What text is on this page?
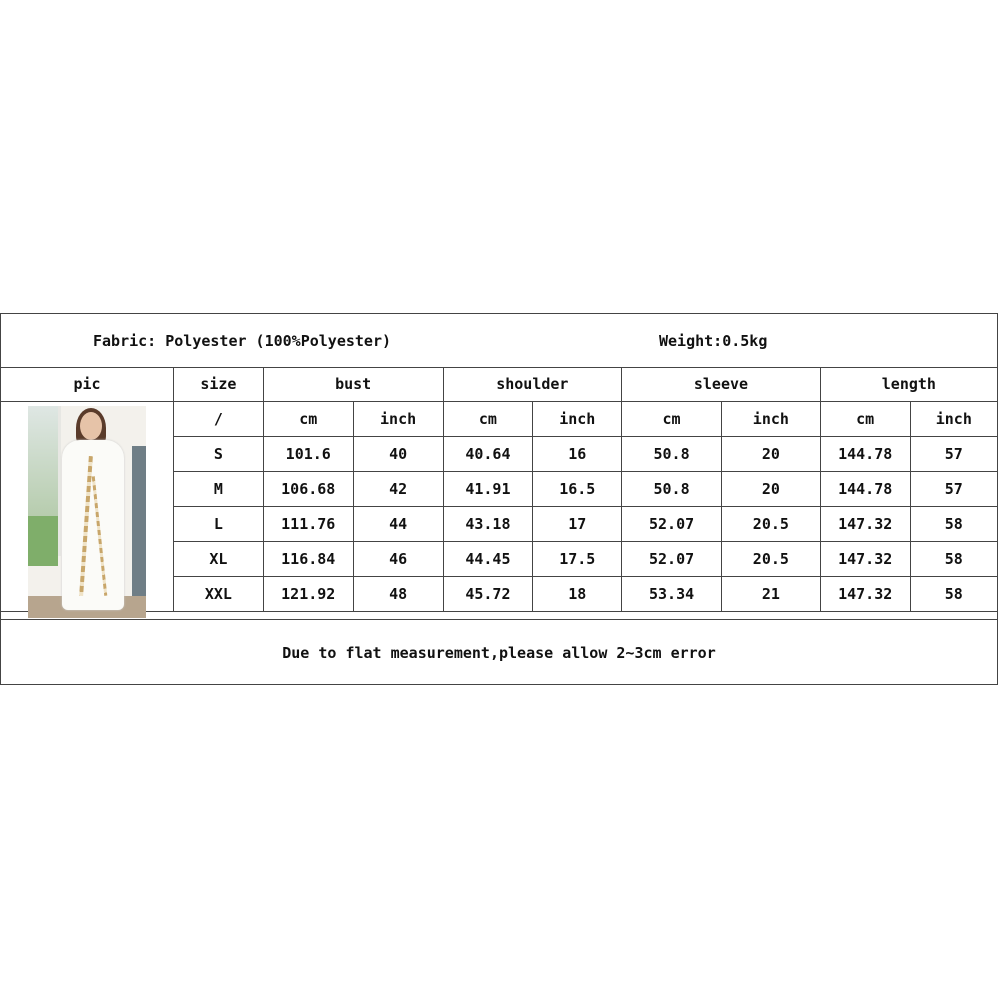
Fabric: Polyester (100%Polyester)	Weight:0.5kg
pic	size	bust		shoulder		sleeve		length	

	/	cm	inch	cm	inch	cm	inch	cm	inch
	S	101.6	40	40.64	16	50.8	20	144.78	57
	M	106.68	42	41.91	16.5	50.8	20	144.78	57
	L	111.76	44	43.18	17	52.07	20.5	147.32	58
	XL	116.84	46	44.45	17.5	52.07	20.5	147.32	58
	XXL	121.92	48	45.72	18	53.34	21	147.32	58
Due to flat measurement,please allow 2~3cm error
